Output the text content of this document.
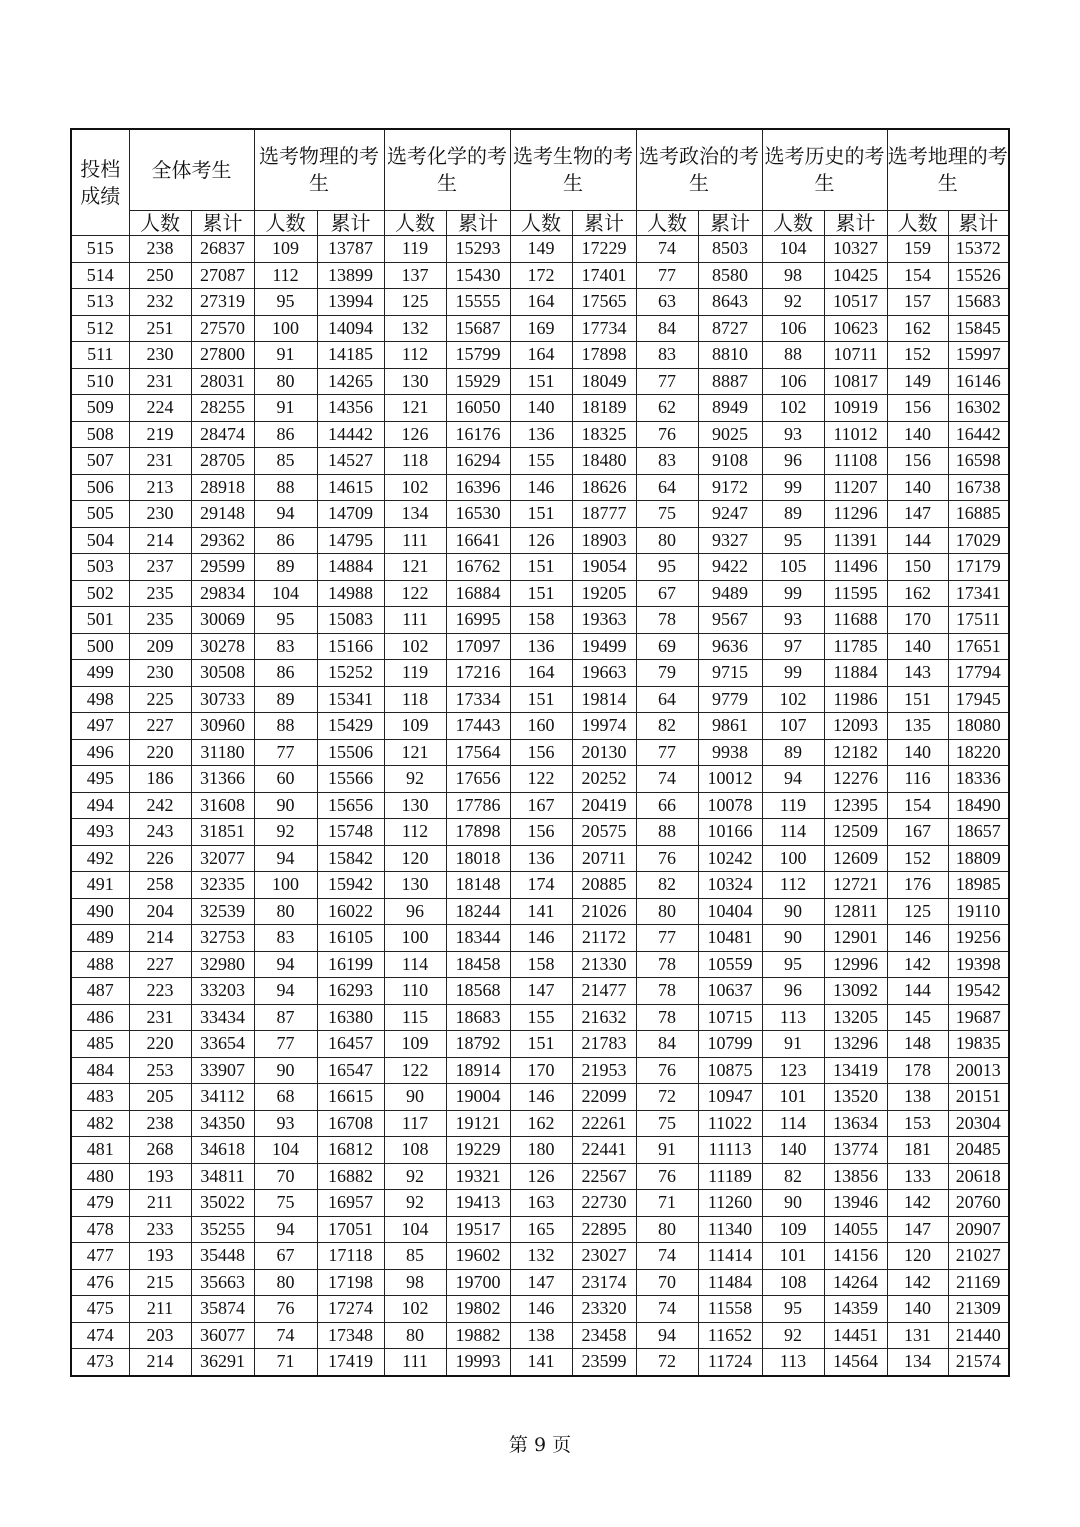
投档成绩	全体考生		选考物理的考生		选考化学的考生		选考生物的考生		选考政治的考生		选考历史的考生		选考地理的考生	
	人数	累计	人数	累计	人数	累计	人数	累计	人数	累计	人数	累计	人数	累计
515	238	26837	109	13787	119	15293	149	17229	74	8503	104	10327	159	15372
514	250	27087	112	13899	137	15430	172	17401	77	8580	98	10425	154	15526
513	232	27319	95	13994	125	15555	164	17565	63	8643	92	10517	157	15683
512	251	27570	100	14094	132	15687	169	17734	84	8727	106	10623	162	15845
511	230	27800	91	14185	112	15799	164	17898	83	8810	88	10711	152	15997
510	231	28031	80	14265	130	15929	151	18049	77	8887	106	10817	149	16146
509	224	28255	91	14356	121	16050	140	18189	62	8949	102	10919	156	16302
508	219	28474	86	14442	126	16176	136	18325	76	9025	93	11012	140	16442
507	231	28705	85	14527	118	16294	155	18480	83	9108	96	11108	156	16598
506	213	28918	88	14615	102	16396	146	18626	64	9172	99	11207	140	16738
505	230	29148	94	14709	134	16530	151	18777	75	9247	89	11296	147	16885
504	214	29362	86	14795	111	16641	126	18903	80	9327	95	11391	144	17029
503	237	29599	89	14884	121	16762	151	19054	95	9422	105	11496	150	17179
502	235	29834	104	14988	122	16884	151	19205	67	9489	99	11595	162	17341
501	235	30069	95	15083	111	16995	158	19363	78	9567	93	11688	170	17511
500	209	30278	83	15166	102	17097	136	19499	69	9636	97	11785	140	17651
499	230	30508	86	15252	119	17216	164	19663	79	9715	99	11884	143	17794
498	225	30733	89	15341	118	17334	151	19814	64	9779	102	11986	151	17945
497	227	30960	88	15429	109	17443	160	19974	82	9861	107	12093	135	18080
496	220	31180	77	15506	121	17564	156	20130	77	9938	89	12182	140	18220
495	186	31366	60	15566	92	17656	122	20252	74	10012	94	12276	116	18336
494	242	31608	90	15656	130	17786	167	20419	66	10078	119	12395	154	18490
493	243	31851	92	15748	112	17898	156	20575	88	10166	114	12509	167	18657
492	226	32077	94	15842	120	18018	136	20711	76	10242	100	12609	152	18809
491	258	32335	100	15942	130	18148	174	20885	82	10324	112	12721	176	18985
490	204	32539	80	16022	96	18244	141	21026	80	10404	90	12811	125	19110
489	214	32753	83	16105	100	18344	146	21172	77	10481	90	12901	146	19256
488	227	32980	94	16199	114	18458	158	21330	78	10559	95	12996	142	19398
487	223	33203	94	16293	110	18568	147	21477	78	10637	96	13092	144	19542
486	231	33434	87	16380	115	18683	155	21632	78	10715	113	13205	145	19687
485	220	33654	77	16457	109	18792	151	21783	84	10799	91	13296	148	19835
484	253	33907	90	16547	122	18914	170	21953	76	10875	123	13419	178	20013
483	205	34112	68	16615	90	19004	146	22099	72	10947	101	13520	138	20151
482	238	34350	93	16708	117	19121	162	22261	75	11022	114	13634	153	20304
481	268	34618	104	16812	108	19229	180	22441	91	11113	140	13774	181	20485
480	193	34811	70	16882	92	19321	126	22567	76	11189	82	13856	133	20618
479	211	35022	75	16957	92	19413	163	22730	71	11260	90	13946	142	20760
478	233	35255	94	17051	104	19517	165	22895	80	11340	109	14055	147	20907
477	193	35448	67	17118	85	19602	132	23027	74	11414	101	14156	120	21027
476	215	35663	80	17198	98	19700	147	23174	70	11484	108	14264	142	21169
475	211	35874	76	17274	102	19802	146	23320	74	11558	95	14359	140	21309
474	203	36077	74	17348	80	19882	138	23458	94	11652	92	14451	131	21440
473	214	36291	71	17419	111	19993	141	23599	72	11724	113	14564	134	21574
第 9 页
